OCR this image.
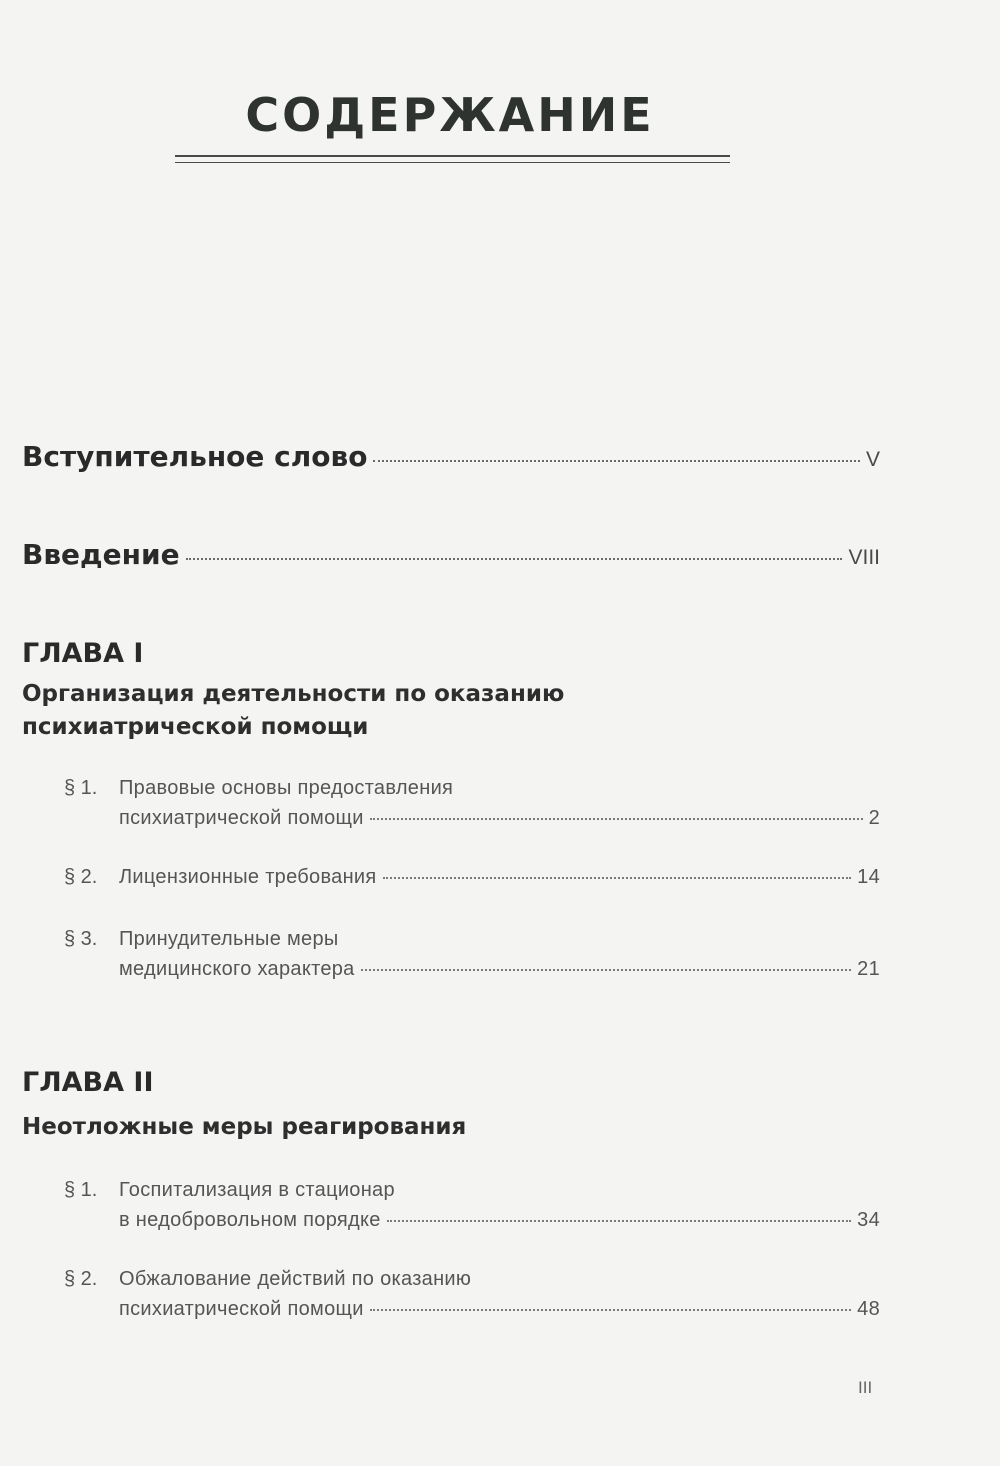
СОДЕРЖАНИЕ
Вступительное слово	V
Введение	VIII
ГЛАВА I
Организация деятельности по оказанию психиатрической помощи
§ 1. Правовые основы предоставления
психиатрической помощи	2
§ 2. Лицензионные требования	14
§ 3. Принудительные меры
медицинского характера	21
ГЛАВА II
Неотложные меры реагирования
§ 1. Госпитализация в стационар
в недобровольном порядке	34
§ 2. Обжалование действий по оказанию
психиатрической помощи	48
III
